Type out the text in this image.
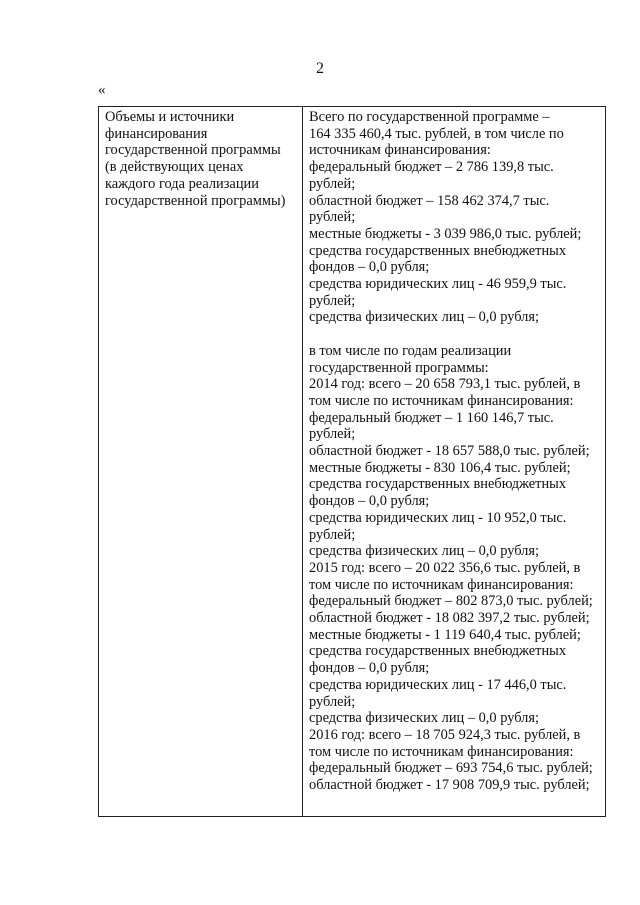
2
«
Объемы и источники
финансирования
государственной программы
(в действующих ценах
каждого года реализации
государственной программы)
Всего по государственной программе –
164 335 460,4 тыс. рублей, в том числе по
источникам финансирования:
федеральный бюджет – 2 786 139,8 тыс.
рублей;
областной бюджет – 158 462 374,7 тыс.
рублей;
местные бюджеты - 3 039 986,0 тыс. рублей;
средства государственных внебюджетных
фондов – 0,0 рубля;
средства юридических лиц - 46 959,9 тыс.
рублей;
средства физических лиц – 0,0 рубля;
в том числе по годам реализации
государственной программы:
2014 год: всего – 20 658 793,1 тыс. рублей, в
том числе по источникам финансирования:
федеральный бюджет – 1 160 146,7 тыс.
рублей;
областной бюджет - 18 657 588,0 тыс. рублей;
местные бюджеты - 830 106,4 тыс. рублей;
средства государственных внебюджетных
фондов – 0,0 рубля;
средства юридических лиц - 10 952,0 тыс.
рублей;
средства физических лиц – 0,0 рубля;
2015 год: всего – 20 022 356,6 тыс. рублей, в
том числе по источникам финансирования:
федеральный бюджет – 802 873,0 тыс. рублей;
областной бюджет - 18 082 397,2 тыс. рублей;
местные бюджеты - 1 119 640,4 тыс. рублей;
средства государственных внебюджетных
фондов – 0,0 рубля;
средства юридических лиц - 17 446,0 тыс.
рублей;
средства физических лиц – 0,0 рубля;
2016 год: всего – 18 705 924,3 тыс. рублей, в
том числе по источникам финансирования:
федеральный бюджет – 693 754,6 тыс. рублей;
областной бюджет - 17 908 709,9 тыс. рублей;
